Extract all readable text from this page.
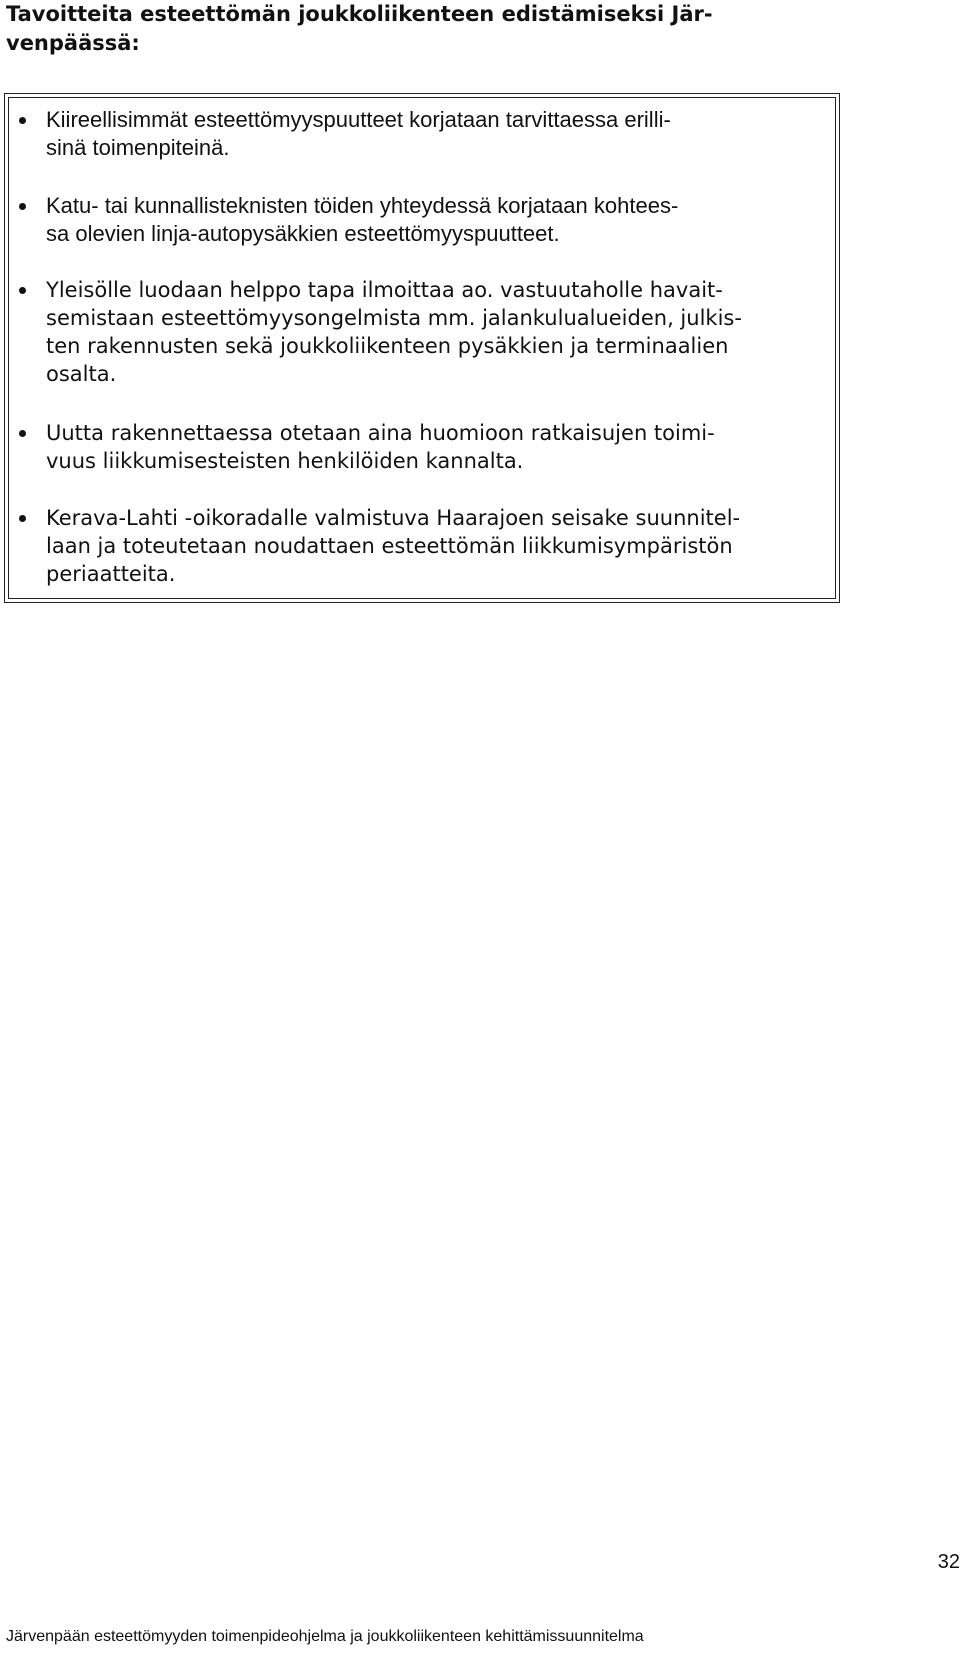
Tavoitteita esteettömän joukkoliikenteen edistämiseksi Jär-
venpäässä:

Kiireellisimmät esteettömyyspuutteet korjataan tarvittaessa erilli-
sinä toimenpiteinä.

Katu- tai kunnallisteknisten töiden yhteydessä korjataan kohtees-
sa olevien linja-autopysäkkien esteettömyyspuutteet.

Yleisölle luodaan helppo tapa ilmoittaa ao. vastuutaholle havait-
semistaan esteettömyysongelmista mm. jalankulualueiden, julkis-
ten rakennusten sekä joukkoliikenteen pysäkkien ja terminaalien
osalta.

Uutta rakennettaessa otetaan aina huomioon ratkaisujen toimi-
vuus liikkumisesteisten henkilöiden kannalta.

Kerava-Lahti -oikoradalle valmistuva Haarajoen seisake suunnitel-
laan ja toteutetaan noudattaen esteettömän liikkumisympäristön
periaatteita.

32
Järvenpään esteettömyyden toimenpideohjelma ja joukkoliikenteen kehittämissuunnitelma
